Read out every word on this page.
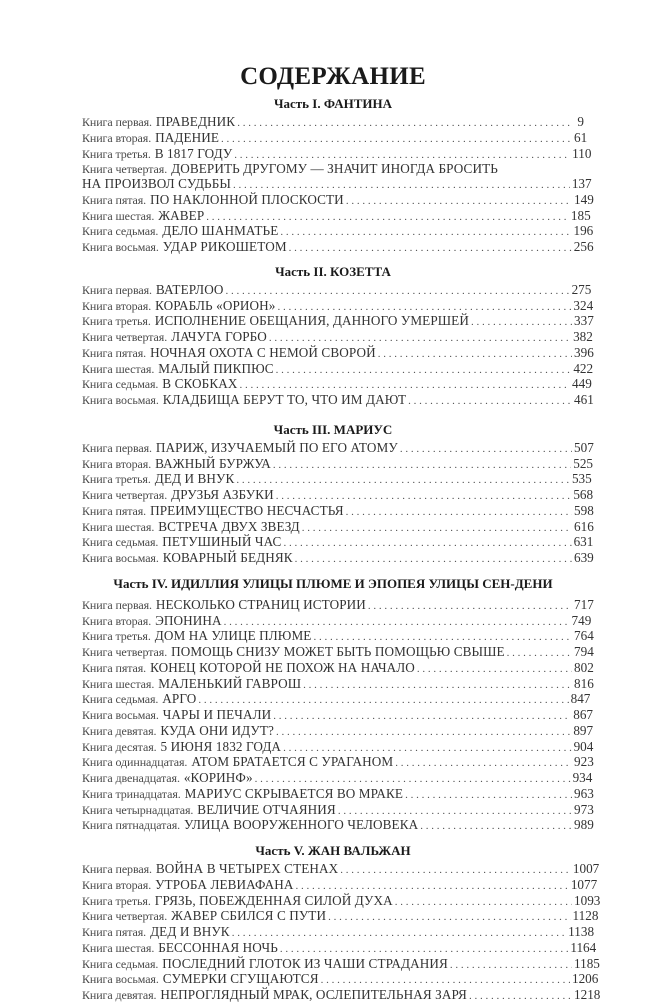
СОДЕРЖАНИЕ
Часть I. ФАНТИНА
Книга первая. ПРАВЕДНИК . . .	9
Книга вторая. ПАДЕНИЕ . . .	61
Книга третья. В 1817 ГОДУ . . .	110
Книга четвертая. ДОВЕРИТЬ ДРУГОМУ — ЗНАЧИТ ИНОГДА БРОСИТЬ
НА ПРОИЗВОЛ СУДЬБЫ . . .	137
Книга пятая. ПО НАКЛОННОЙ ПЛОСКОСТИ . . .	149
Книга шестая. ЖАВЕР . . .	185
Книга седьмая. ДЕЛО ШАНМАТЬЕ . . .	196
Книга восьмая. УДАР РИКОШЕТОМ . . .	256
Часть II. КОЗЕТТА
Книга первая. ВАТЕРЛОО . . .	275
Книга вторая. КОРАБЛЬ «ОРИОН» . . .	324
Книга третья. ИСПОЛНЕНИЕ ОБЕЩАНИЯ, ДАННОГО УМЕРШЕЙ . . .	337
Книга четвертая. ЛАЧУГА ГОРБО . . .	382
Книга пятая. НОЧНАЯ ОХОТА С НЕМОЙ СВОРОЙ . . .	396
Книга шестая. МАЛЫЙ ПИКПЮС . . .	422
Книга седьмая. В СКОБКАХ . . .	449
Книга восьмая. КЛАДБИЩА БЕРУТ ТО, ЧТО ИМ ДАЮТ . . .	461
Часть III. МАРИУС
Книга первая. ПАРИЖ, ИЗУЧАЕМЫЙ ПО ЕГО АТОМУ . . .	507
Книга вторая. ВАЖНЫЙ БУРЖУА . . .	525
Книга третья. ДЕД И ВНУК . . .	535
Книга четвертая. ДРУЗЬЯ АЗБУКИ . . .	568
Книга пятая. ПРЕИМУЩЕСТВО НЕСЧАСТЬЯ . . .	598
Книга шестая. ВСТРЕЧА ДВУХ ЗВЕЗД . . .	616
Книга седьмая. ПЕТУШИНЫЙ ЧАС . . .	631
Книга восьмая. КОВАРНЫЙ БЕДНЯК . . .	639
Часть IV. ИДИЛЛИЯ УЛИЦЫ ПЛЮМЕ И ЭПОПЕЯ УЛИЦЫ СЕН-ДЕНИ
Книга первая. НЕСКОЛЬКО СТРАНИЦ ИСТОРИИ . . .	717
Книга вторая. ЭПОНИНА . . .	749
Книга третья. ДОМ НА УЛИЦЕ ПЛЮМЕ . . .	764
Книга четвертая. ПОМОЩЬ СНИЗУ МОЖЕТ БЫТЬ ПОМОЩЬЮ СВЫШЕ . . .	794
Книга пятая. КОНЕЦ КОТОРОЙ НЕ ПОХОЖ НА НАЧАЛО . . .	802
Книга шестая. МАЛЕНЬКИЙ ГАВРОШ . . .	816
Книга седьмая. АРГО . . .	847
Книга восьмая. ЧАРЫ И ПЕЧАЛИ . . .	867
Книга девятая. КУДА ОНИ ИДУТ? . . .	897
Книга десятая. 5 ИЮНЯ 1832 ГОДА . . .	904
Книга одиннадцатая. АТОМ БРАТАЕТСЯ С УРАГАНОМ . . .	923
Книга двенадцатая. «КОРИНФ» . . .	934
Книга тринадцатая. МАРИУС СКРЫВАЕТСЯ ВО МРАКЕ . . .	963
Книга четырнадцатая. ВЕЛИЧИЕ ОТЧАЯНИЯ . . .	973
Книга пятнадцатая. УЛИЦА ВООРУЖЕННОГО ЧЕЛОВЕКА . . .	989
Часть V. ЖАН ВАЛЬЖАН
Книга первая. ВОЙНА В ЧЕТЫРЕХ СТЕНАХ . . .	1007
Книга вторая. УТРОБА ЛЕВИАФАНА . . .	1077
Книга третья. ГРЯЗЬ, ПОБЕЖДЕННАЯ СИЛОЙ ДУХА . . .	1093
Книга четвертая. ЖАВЕР СБИЛСЯ С ПУТИ . . .	1128
Книга пятая. ДЕД И ВНУК . . .	1138
Книга шестая. БЕССОННАЯ НОЧЬ . . .	1164
Книга седьмая. ПОСЛЕДНИЙ ГЛОТОК ИЗ ЧАШИ СТРАДАНИЯ . . .	1185
Книга восьмая. СУМЕРКИ СГУЩАЮТСЯ . . .	1206
Книга девятая. НЕПРОГЛЯДНЫЙ МРАК, ОСЛЕПИТЕЛЬНАЯ ЗАРЯ . . .	1218
